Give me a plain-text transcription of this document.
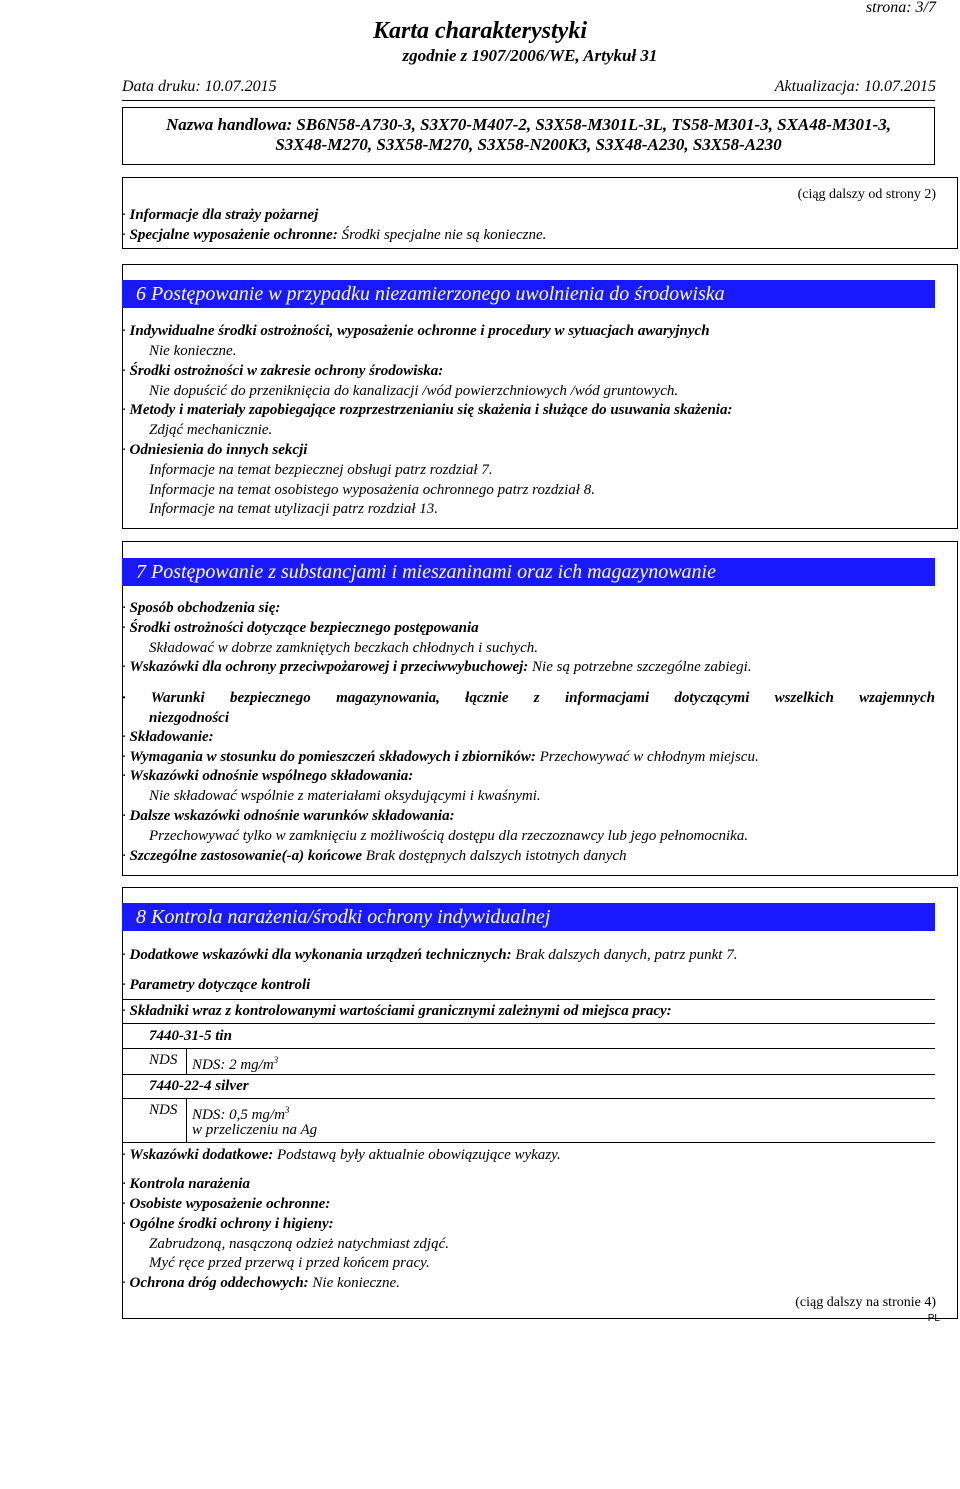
strona: 3/7
Karta charakterystyki
zgodnie z 1907/2006/WE, Artykuł 31
Data druku: 10.07.2015	Aktualizacja: 10.07.2015
Nazwa handlowa: SB6N58-A730-3, S3X70-M407-2, S3X58-M301L-3L, TS58-M301-3, SXA48-M301-3,
S3X48-M270, S3X58-M270, S3X58-N200K3, S3X48-A230, S3X58-A230
(ciąg dalszy od strony 2)
· Informacje dla straży pożarnej
· Specjalne wyposażenie ochronne: Środki specjalne nie są konieczne.
6 Postępowanie w przypadku niezamierzonego uwolnienia do środowiska
· Indywidualne środki ostrożności, wyposażenie ochronne i procedury w sytuacjach awaryjnych
Nie konieczne.
· Środki ostrożności w zakresie ochrony środowiska:
Nie dopuścić do przeniknięcia do kanalizacji /wód powierzchniowych /wód gruntowych.
· Metody i materiały zapobiegające rozprzestrzenianiu się skażenia i służące do usuwania skażenia:
Zdjąć mechanicznie.
· Odniesienia do innych sekcji
Informacje na temat bezpiecznej obsługi patrz rozdział 7.
Informacje na temat osobistego wyposażenia ochronnego patrz rozdział 8.
Informacje na temat utylizacji patrz rozdział 13.
7 Postępowanie z substancjami i mieszaninami oraz ich magazynowanie
· Sposób obchodzenia się:
· Środki ostrożności dotyczące bezpiecznego postępowania
Składować w dobrze zamkniętych beczkach chłodnych i suchych.
· Wskazówki dla ochrony przeciwpożarowej i przeciwwybuchowej: Nie są potrzebne szczególne zabiegi.
· Warunki bezpiecznego magazynowania, łącznie z informacjami dotyczącymi wszelkich wzajemnych
niezgodności
· Składowanie:
· Wymagania w stosunku do pomieszczeń składowych i zbiorników: Przechowywać w chłodnym miejscu.
· Wskazówki odnośnie wspólnego składowania:
Nie składować wspólnie z materiałami oksydującymi i kwaśnymi.
· Dalsze wskazówki odnośnie warunków składowania:
Przechowywać tylko w zamknięciu z możliwością dostępu dla rzeczoznawcy lub jego pełnomocnika.
· Szczególne zastosowanie(-a) końcowe Brak dostępnych dalszych istotnych danych
8 Kontrola narażenia/środki ochrony indywidualnej
· Dodatkowe wskazówki dla wykonania urządzeń technicznych: Brak dalszych danych, patrz punkt 7.
· Parametry dotyczące kontroli
· Składniki wraz z kontrolowanymi wartościami granicznymi zależnymi od miejsca pracy:
7440-31-5 tin
NDS NDS: 2 $mg/m^3$
7440-22-4 silver
NDS NDS: 0,5 $mg/m^3$
w przeliczeniu na Ag
· Wskazówki dodatkowe: Podstawą były aktualnie obowiązujące wykazy.
· Kontrola narażenia
· Osobiste wyposażenie ochronne:
· Ogólne środki ochrony i higieny:
Zabrudzoną, nasączoną odzież natychmiast zdjąć.
Myć ręce przed przerwą i przed końcem pracy.
· Ochrona dróg oddechowych: Nie konieczne.
(ciąg dalszy na stronie 4)
PL
